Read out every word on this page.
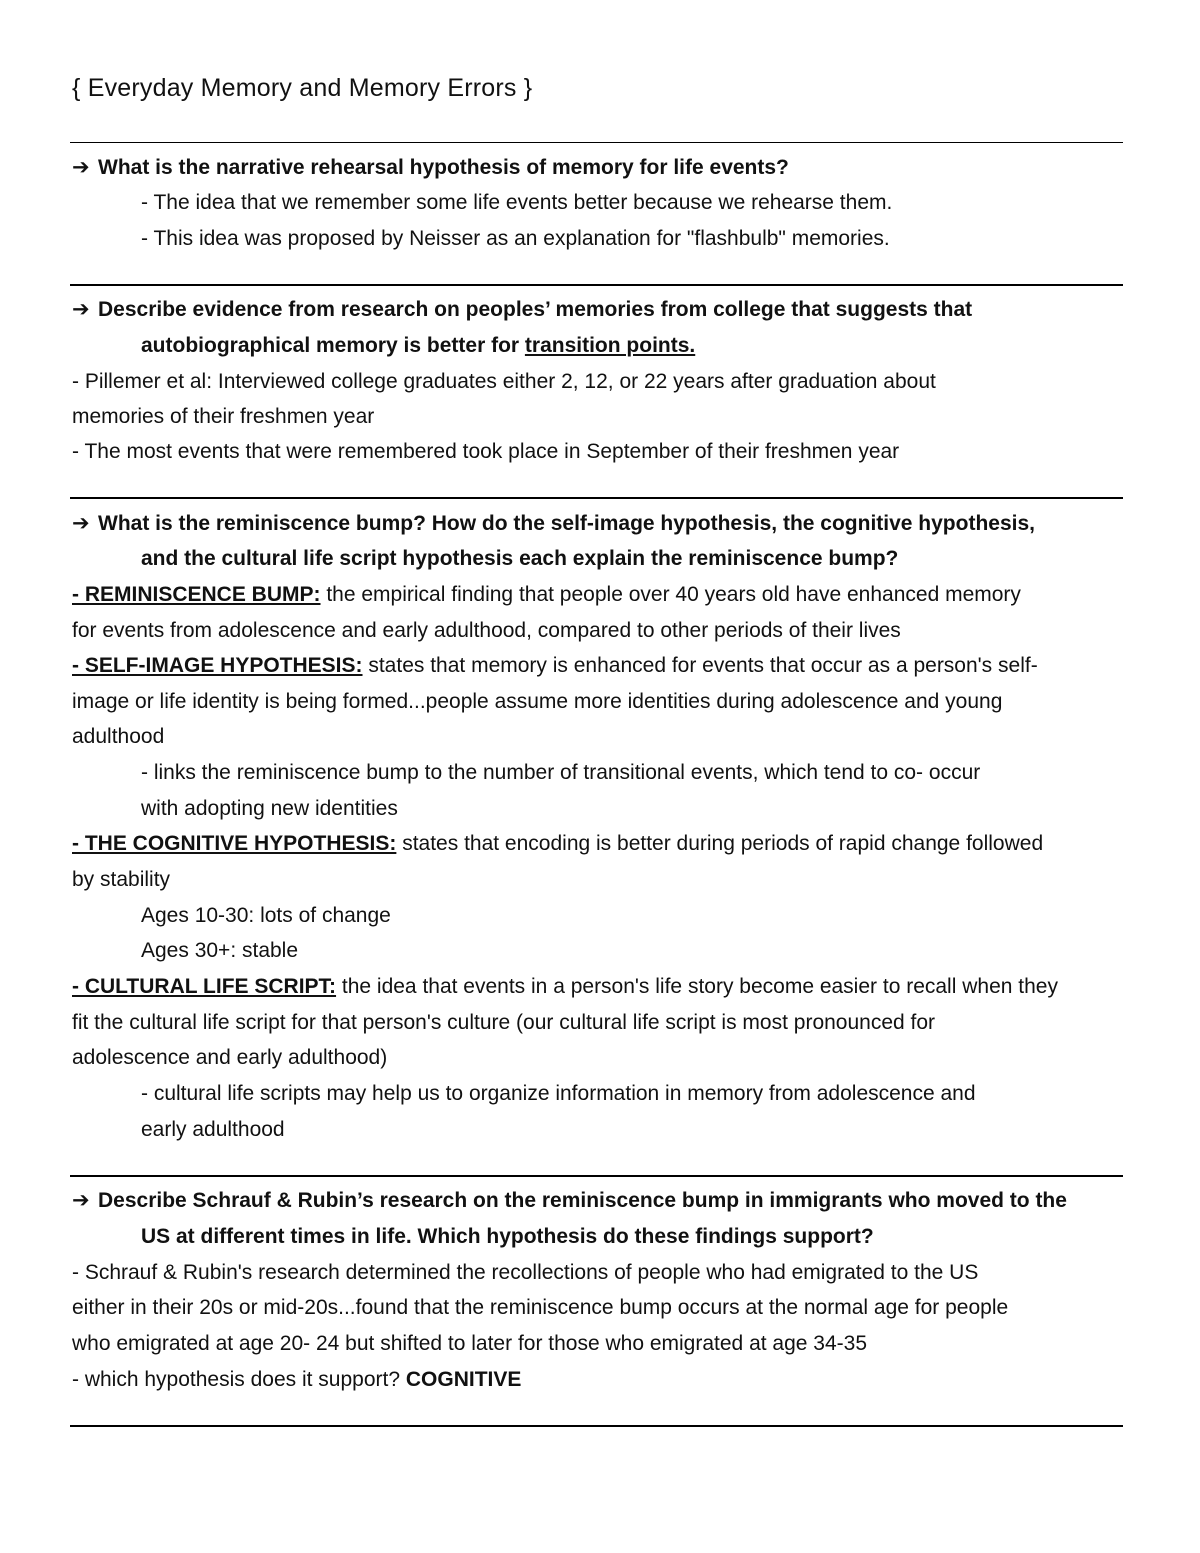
{ Everyday Memory and Memory Errors }
➔ What is the narrative rehearsal hypothesis of memory for life events?
- The idea that we remember some life events better because we rehearse them.
- This idea was proposed by Neisser as an explanation for "flashbulb" memories.
➔ Describe evidence from research on peoples’ memories from college that suggests that
autobiographical memory is better for transition points.
- Pillemer et al: Interviewed college graduates either 2, 12, or 22 years after graduation about
memories of their freshmen year
- The most events that were remembered took place in September of their freshmen year
➔ What is the reminiscence bump? How do the self-image hypothesis, the cognitive hypothesis,
and the cultural life script hypothesis each explain the reminiscence bump?
- REMINISCENCE BUMP: the empirical finding that people over 40 years old have enhanced memory
for events from adolescence and early adulthood, compared to other periods of their lives
- SELF-IMAGE HYPOTHESIS: states that memory is enhanced for events that occur as a person's self-
image or life identity is being formed...people assume more identities during adolescence and young
adulthood
- links the reminiscence bump to the number of transitional events, which tend to co- occur
with adopting new identities
- THE COGNITIVE HYPOTHESIS: states that encoding is better during periods of rapid change followed
by stability
Ages 10-30: lots of change
Ages 30+: stable
- CULTURAL LIFE SCRIPT: the idea that events in a person's life story become easier to recall when they
fit the cultural life script for that person's culture (our cultural life script is most pronounced for
adolescence and early adulthood)
- cultural life scripts may help us to organize information in memory from adolescence and
early adulthood
➔ Describe Schrauf & Rubin’s research on the reminiscence bump in immigrants who moved to the
US at different times in life. Which hypothesis do these findings support?
- Schrauf & Rubin's research determined the recollections of people who had emigrated to the US
either in their 20s or mid-20s...found that the reminiscence bump occurs at the normal age for people
who emigrated at age 20- 24 but shifted to later for those who emigrated at age 34-35
- which hypothesis does it support? COGNITIVE
